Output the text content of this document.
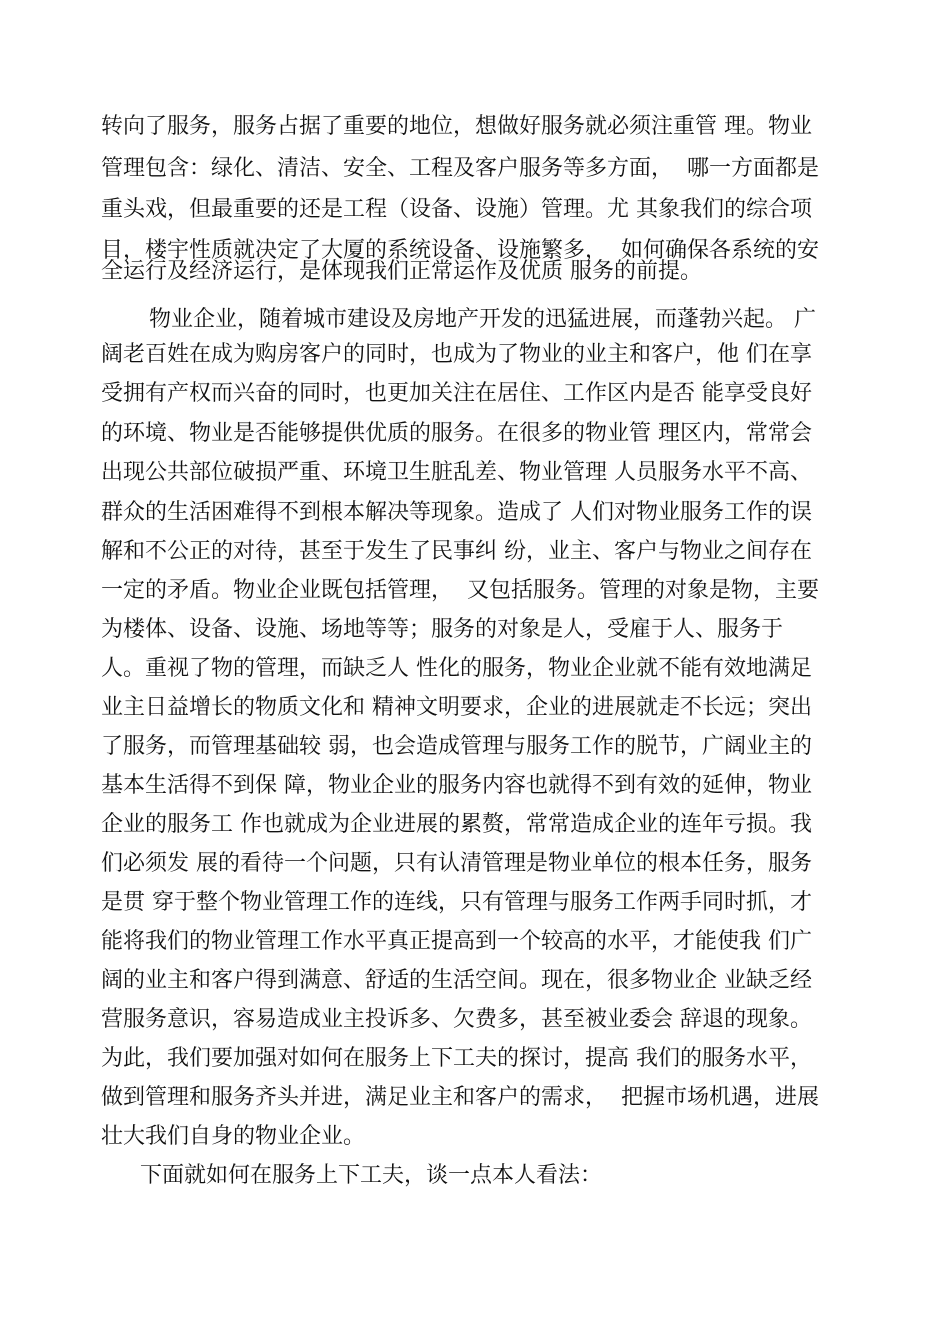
转向了服务，服务占据了重要的地位，想做好服务就必须注重管 理。物业
管理包含：绿化、清洁、安全、工程及客户服务等多方面，  哪一方面都是
重头戏，但最重要的还是工程（设备、设施）管理。尤 其象我们的综合项
目，楼宇性质就决定了大厦的系统设备、设施繁多，  如何确保各系统的安
全运行及经济运行，是体现我们正常运作及优质 服务的前提。
物业企业，随着城市建设及房地产开发的迅猛进展，而蓬勃兴起。 广
阔老百姓在成为购房客户的同时，也成为了物业的业主和客户，他 们在享
受拥有产权而兴奋的同时，也更加关注在居住、工作区内是否 能享受良好
的环境、物业是否能够提供优质的服务。在很多的物业管 理区内，常常会
出现公共部位破损严重、环境卫生脏乱差、物业管理 人员服务水平不高、
群众的生活困难得不到根本解决等现象。造成了 人们对物业服务工作的误
解和不公正的对待，甚至于发生了民事纠 纷，业主、客户与物业之间存在
一定的矛盾。物业企业既包括管理，  又包括服务。管理的对象是物，主要
为楼体、设备、设施、场地等等；服务的对象是人，受雇于人、服务于
人。重视了物的管理，而缺乏人 性化的服务，物业企业就不能有效地满足
业主日益增长的物质文化和 精神文明要求，企业的进展就走不长远；突出
了服务，而管理基础较 弱，也会造成管理与服务工作的脱节，广阔业主的
基本生活得不到保 障，物业企业的服务内容也就得不到有效的延伸，物业
企业的服务工 作也就成为企业进展的累赘，常常造成企业的连年亏损。我
们必须发 展的看待一个问题，只有认清管理是物业单位的根本任务，服务
是贯 穿于整个物业管理工作的连线，只有管理与服务工作两手同时抓，才
能将我们的物业管理工作水平真正提高到一个较高的水平，才能使我 们广
阔的业主和客户得到满意、舒适的生活空间。现在，很多物业企 业缺乏经
营服务意识，容易造成业主投诉多、欠费多，甚至被业委会 辞退的现象。
为此，我们要加强对如何在服务上下工夫的探讨，提高 我们的服务水平，
做到管理和服务齐头并进，满足业主和客户的需求，  把握市场机遇，进展
壮大我们自身的物业企业。
下面就如何在服务上下工夫，谈一点本人看法：
